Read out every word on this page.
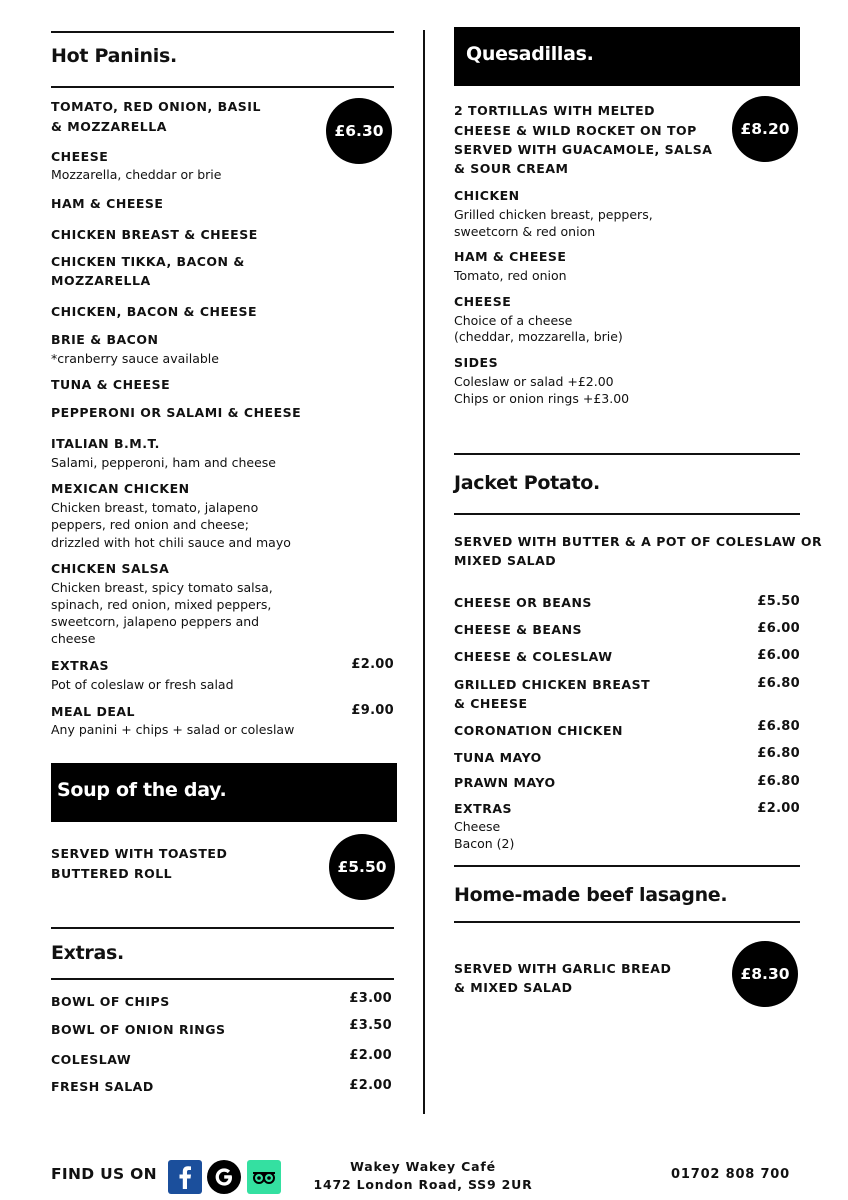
Hot Paninis.
£6.30
TOMATO, RED ONION, BASIL
& MOZZARELLA
CHEESE
Mozzarella, cheddar or brie
HAM & CHEESE
CHICKEN BREAST & CHEESE
CHICKEN TIKKA, BACON &
MOZZARELLA
CHICKEN, BACON & CHEESE
BRIE & BACON
*cranberry sauce available
TUNA & CHEESE
PEPPERONI OR SALAMI & CHEESE
ITALIAN B.M.T.
Salami, pepperoni, ham and cheese
MEXICAN CHICKEN
Chicken breast, tomato, jalapeno
peppers, red onion and cheese;
drizzled with hot chili sauce and mayo
CHICKEN SALSA
Chicken breast, spicy tomato salsa,
spinach, red onion, mixed peppers,
sweetcorn, jalapeno peppers and
cheese
EXTRAS	£2.00
Pot of coleslaw or fresh salad
MEAL DEAL	£9.00
Any panini + chips + salad or coleslaw
Soup of the day.
SERVED WITH TOASTED
BUTTERED ROLL	£5.50
Extras.
BOWL OF CHIPS	£3.00
BOWL OF ONION RINGS	£3.50
COLESLAW	£2.00
FRESH SALAD	£2.00
Quesadillas.
£8.20
2 TORTILLAS WITH MELTED
CHEESE & WILD ROCKET ON TOP
SERVED WITH GUACAMOLE, SALSA
& SOUR CREAM
CHICKEN
Grilled chicken breast, peppers,
sweetcorn & red onion
HAM & CHEESE
Tomato, red onion
CHEESE
Choice of a cheese
(cheddar, mozzarella, brie)
SIDES
Coleslaw or salad +£2.00
Chips or onion rings +£3.00
Jacket Potato.
SERVED WITH BUTTER & A POT OF COLESLAW OR
MIXED SALAD
CHEESE OR BEANS	£5.50
CHEESE & BEANS	£6.00
CHEESE & COLESLAW	£6.00
GRILLED CHICKEN BREAST
& CHEESE
£6.80
CORONATION CHICKEN	£6.80
TUNA MAYO	£6.80
PRAWN MAYO	£6.80
EXTRAS	£2.00
Cheese
Bacon (2)
Home-made beef lasagne.
SERVED WITH GARLIC BREAD
& MIXED SALAD
£8.30
FIND US ON	Wakey Wakey Café
1472 London Road, SS9 2UR
01702 808 700
